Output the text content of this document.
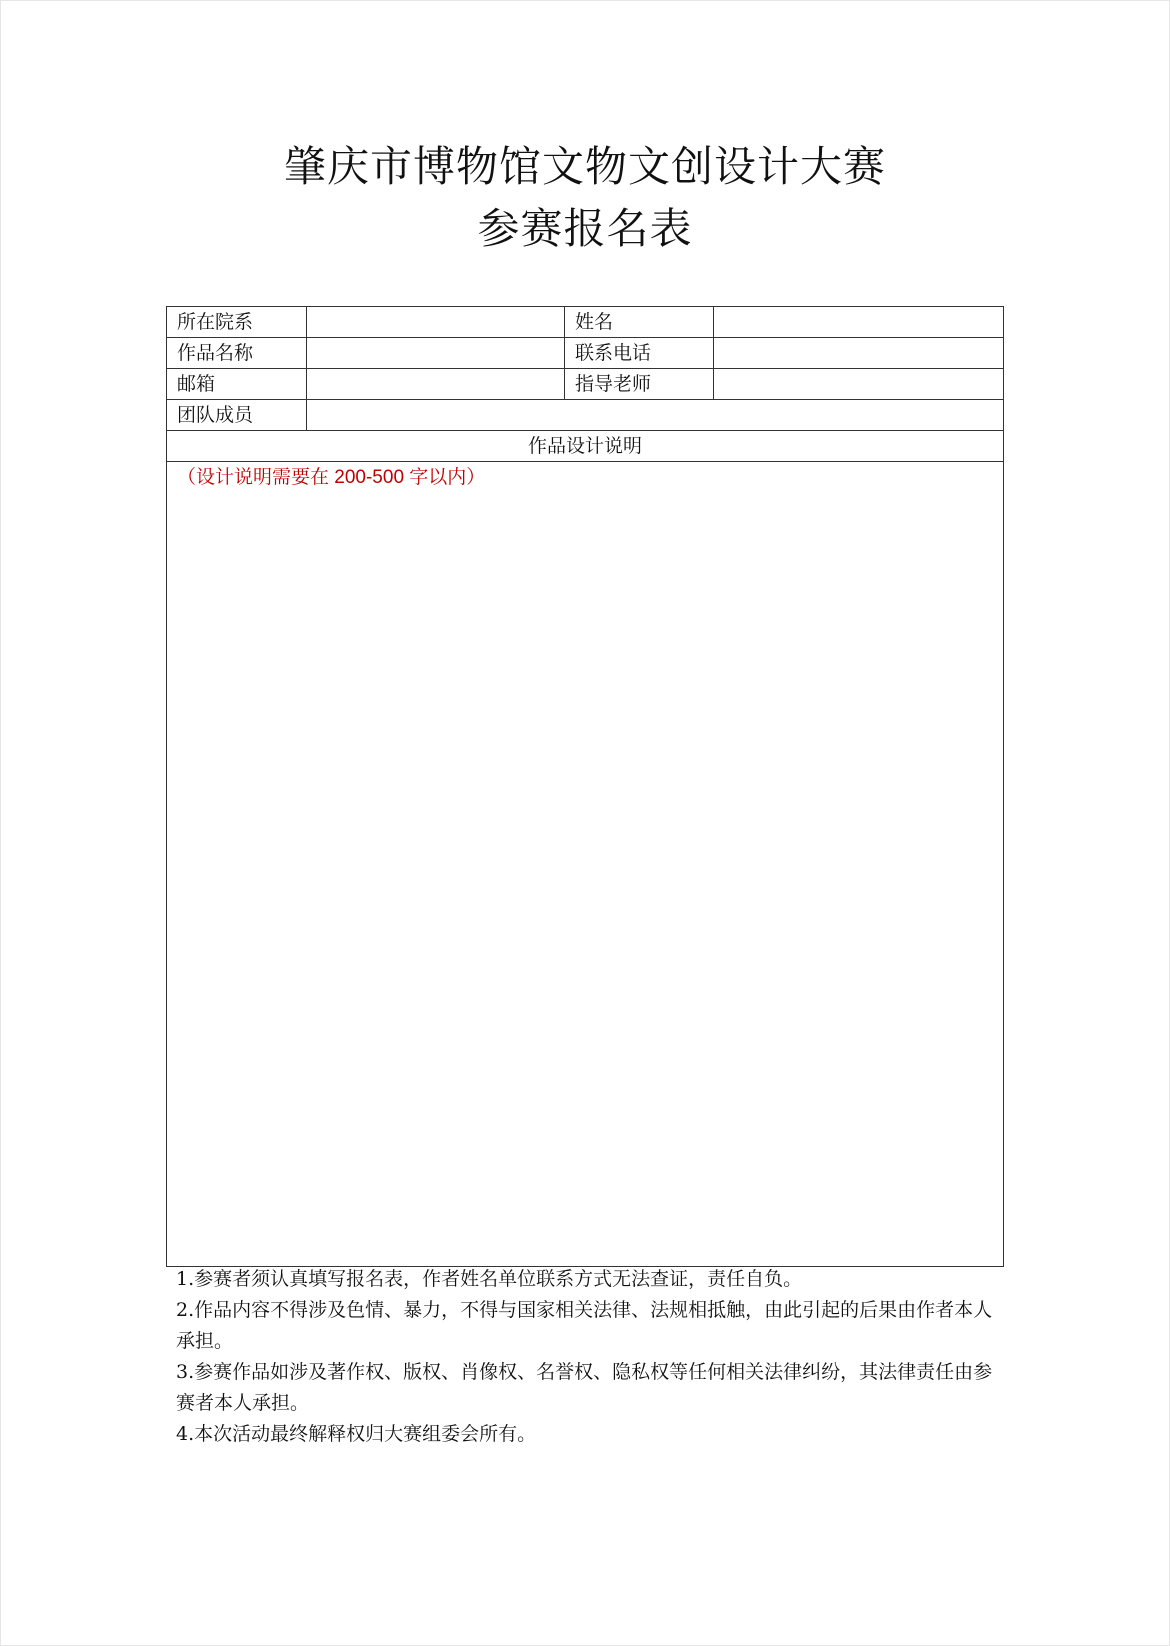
肇庆市博物馆文物文创设计大赛
参赛报名表
所在院系		姓名	
作品名称		联系电话	
邮箱		指导老师	
团队成员			
作品设计说明			
（设计说明需要在 200-500 字以内）			
1.参赛者须认真填写报名表，作者姓名单位联系方式无法查证，责任自负。
2.作品内容不得涉及色情、暴力，不得与国家相关法律、法规相抵触，由此引起的后果由作者本人承担。
3.参赛作品如涉及著作权、版权、肖像权、名誉权、隐私权等任何相关法律纠纷，其法律责任由参赛者本人承担。
4.本次活动最终解释权归大赛组委会所有。
